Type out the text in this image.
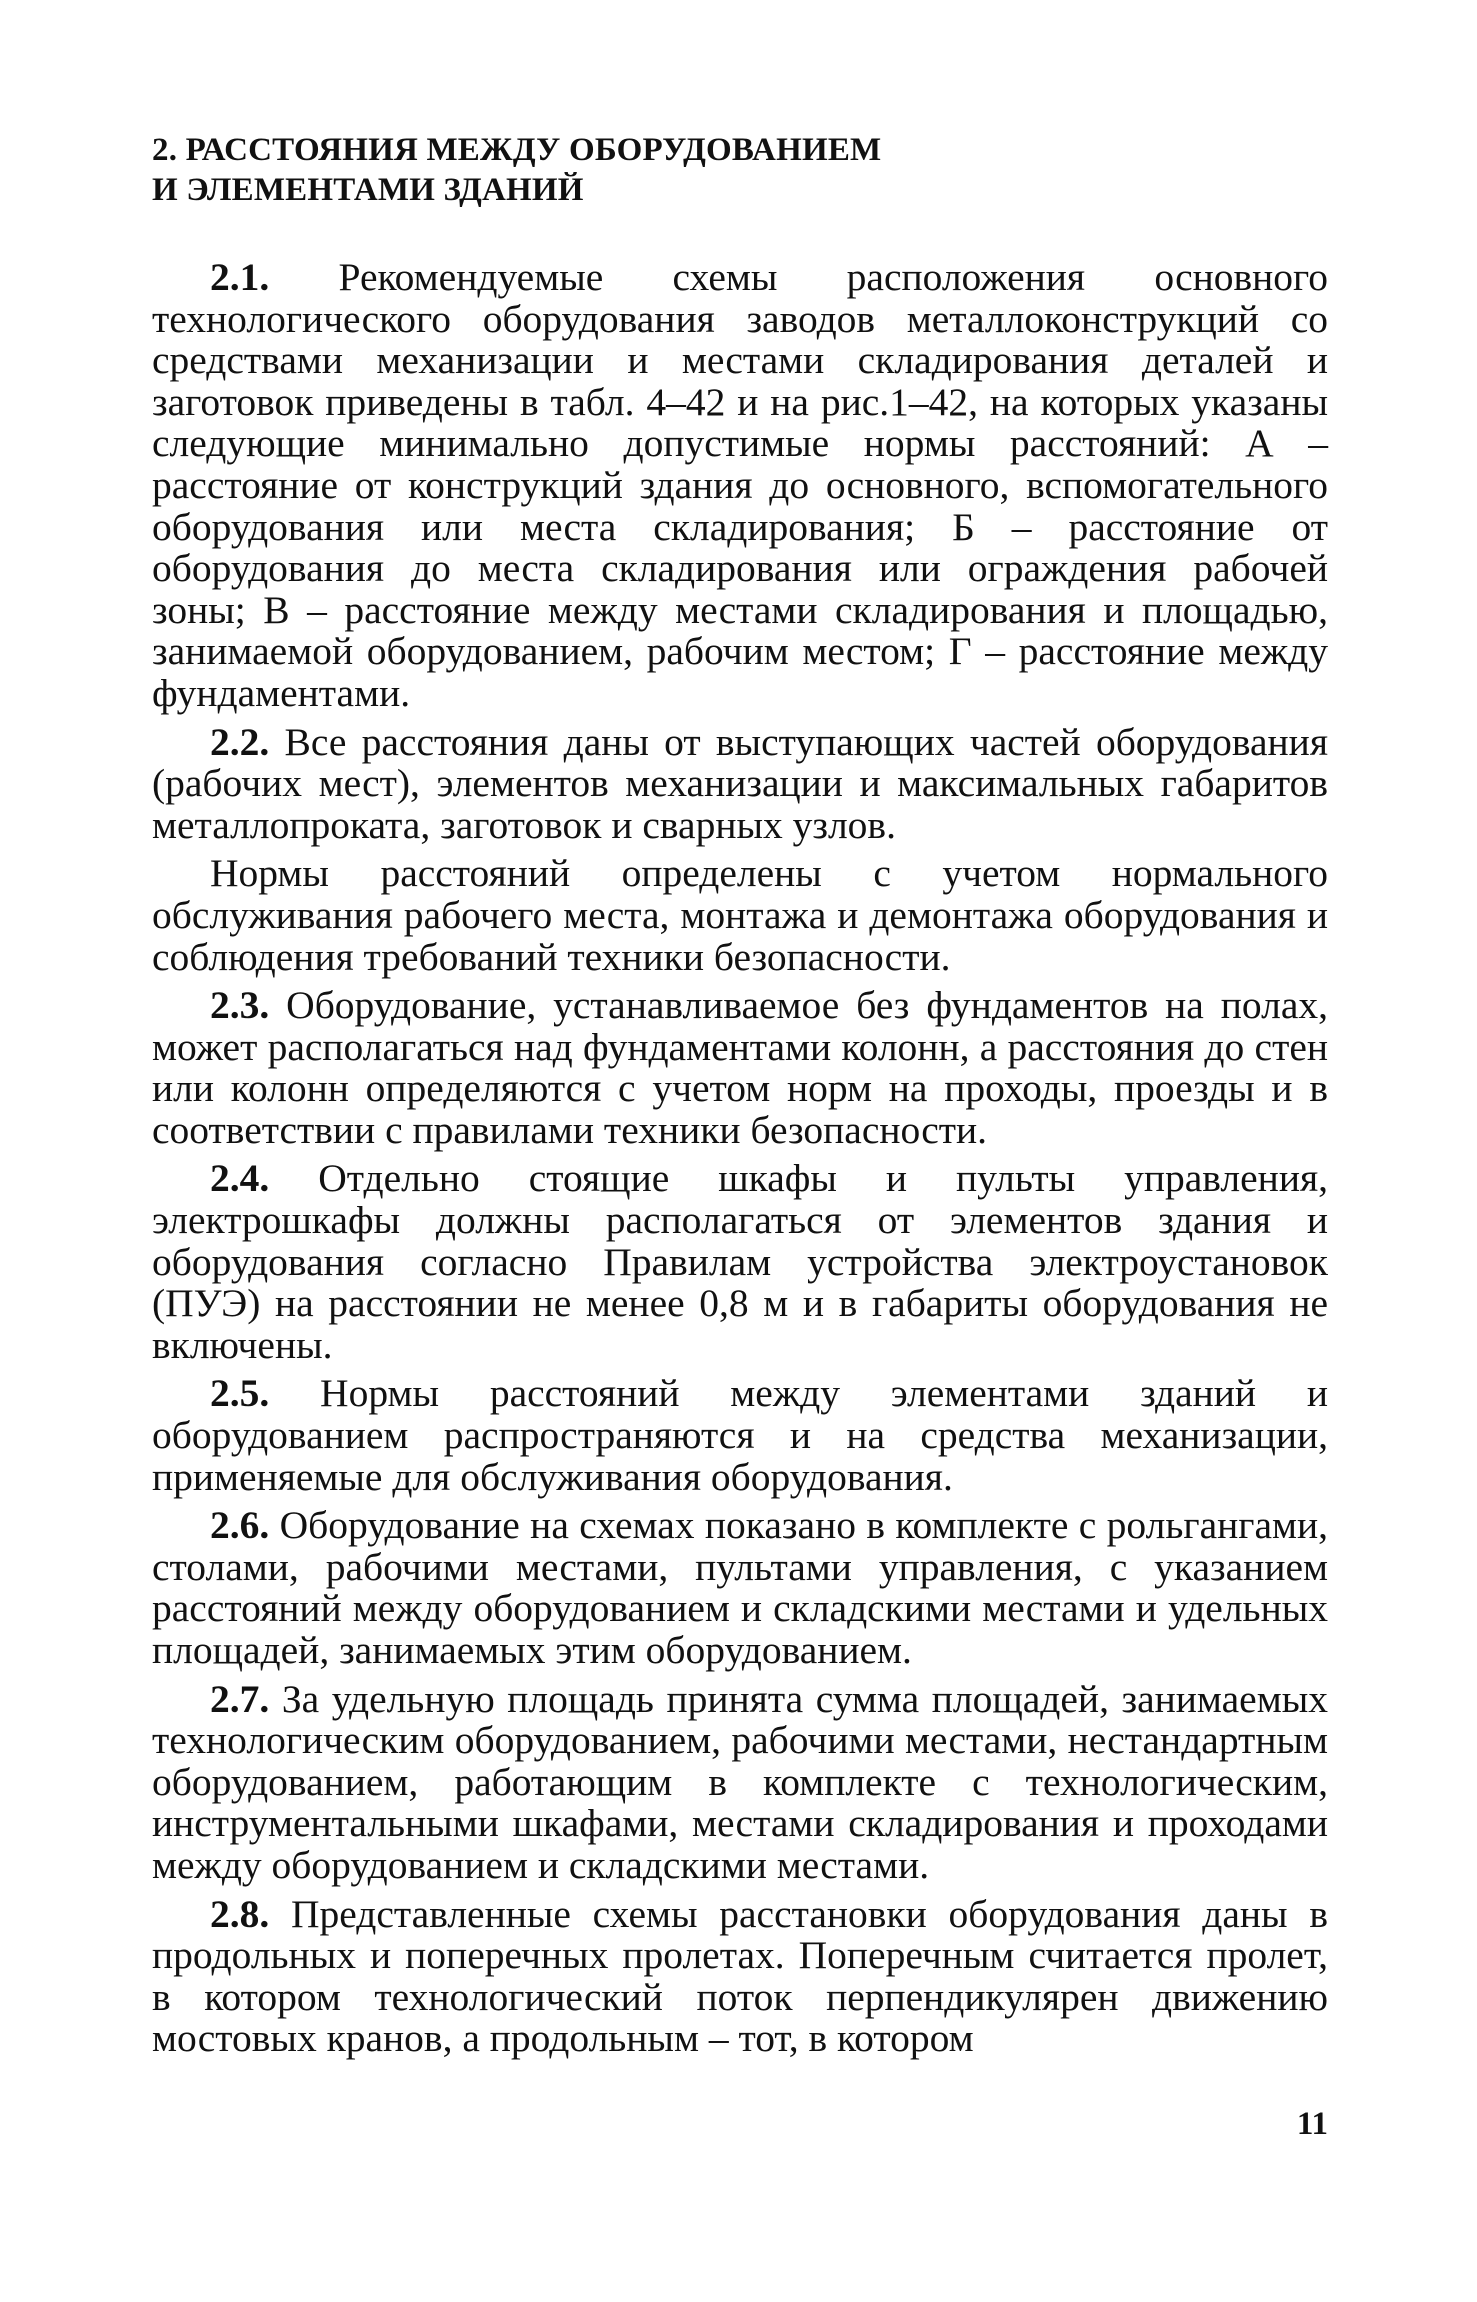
2. РАССТОЯНИЯ МЕЖДУ ОБОРУДОВАНИЕМ
И ЭЛЕМЕНТАМИ ЗДАНИЙ

2.1. Рекомендуемые схемы расположения основного технологического оборудования заводов металлоконструкций со средствами механизации и местами складирования деталей и заготовок приведены в табл. 4–42 и на рис.1–42, на которых указаны следующие минимально допустимые нормы расстояний: А – расстояние от конструкций здания до основного, вспомогательного оборудования или места складирования; Б – расстояние от оборудования до места складирования или ограждения рабочей зоны; В – расстояние между местами складирования и площадью, занимаемой оборудованием, рабочим местом; Г – расстояние между фундаментами.

2.2. Все расстояния даны от выступающих частей оборудования (рабочих мест), элементов механизации и максимальных габаритов металлопроката, заготовок и сварных узлов.

Нормы расстояний определены с учетом нормального обслуживания рабочего места, монтажа и демонтажа оборудования и соблюдения требований техники безопасности.

2.3. Оборудование, устанавливаемое без фундаментов на полах, может располагаться над фундаментами колонн, а расстояния до стен или колонн определяются с учетом норм на проходы, проезды и в соответствии с правилами техники безопасности.

2.4. Отдельно стоящие шкафы и пульты управления, электрошкафы должны располагаться от элементов здания и оборудования согласно Правилам устройства электроустановок (ПУЭ) на расстоянии не менее 0,8 м и в габариты оборудования не включены.

2.5. Нормы расстояний между элементами зданий и оборудованием распространяются и на средства механизации, применяемые для обслуживания оборудования.

2.6. Оборудование на схемах показано в комплекте с рольгангами, столами, рабочими местами, пультами управления, с указанием расстояний между оборудованием и складскими местами и удельных площадей, занимаемых этим оборудованием.

2.7. За удельную площадь принята сумма площадей, занимаемых технологическим оборудованием, рабочими местами, нестандартным оборудованием, работающим в комплекте с технологическим, инструментальными шкафами, местами складирования и проходами между оборудованием и складскими местами.

2.8. Представленные схемы расстановки оборудования даны в продольных и поперечных пролетах. Поперечным считается пролет, в котором технологический поток перпендикулярен движению мостовых кранов, а продольным – тот, в котором

11
